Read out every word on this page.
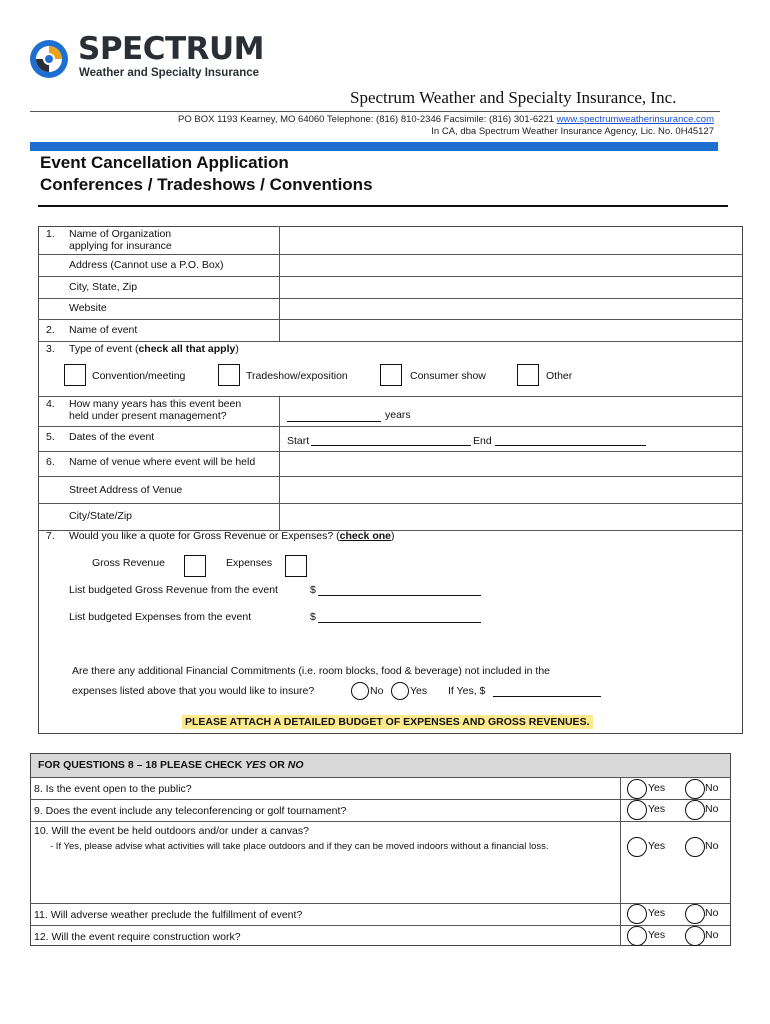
SPECTRUM
Weather and Specialty Insurance
Spectrum Weather and Specialty Insurance, Inc.
PO BOX 1193 Kearney, MO 64060 Telephone: (816) 810-2346 Facsimile: (816) 301-6221 www.spectrumweatherinsurance.com
In CA, dba Spectrum Weather Insurance Agency, Lic. No. 0H45127
Event Cancellation Application
Conferences / Tradeshows / Conventions
1. Name of Organization
applying for insurance
Address (Cannot use a P.O. Box)
City, State, Zip
Website
2. Name of event
3. Type of event (check all that apply)
Convention/meeting	Tradeshow/exposition	Consumer show	Other
4. How many years has this event been
held under present management?	years
5. Dates of the event	Start	End
6. Name of venue where event will be held
Street Address of Venue
City/State/Zip
7. Would you like a quote for Gross Revenue or Expenses? (check one)
Gross Revenue	Expenses
List budgeted Gross Revenue from the event	$
List budgeted Expenses from the event	$
Are there any additional Financial Commitments (i.e. room blocks, food & beverage) not included in the
expenses listed above that you would like to insure?	No	Yes If Yes, $
PLEASE ATTACH A DETAILED BUDGET OF EXPENSES AND GROSS REVENUES.
FOR QUESTIONS 8 – 18 PLEASE CHECK YES OR NO
8. Is the event open to the public?	Yes	No
9. Does the event include any teleconferencing or golf tournament?	Yes	No
10. Will the event be held outdoors and/or under a canvas?
- If Yes, please advise what activities will take place outdoors and if they can be moved indoors without a financial loss.	Yes	No
11. Will adverse weather preclude the fulfillment of event?	Yes	No
12. Will the event require construction work?	Yes	No
